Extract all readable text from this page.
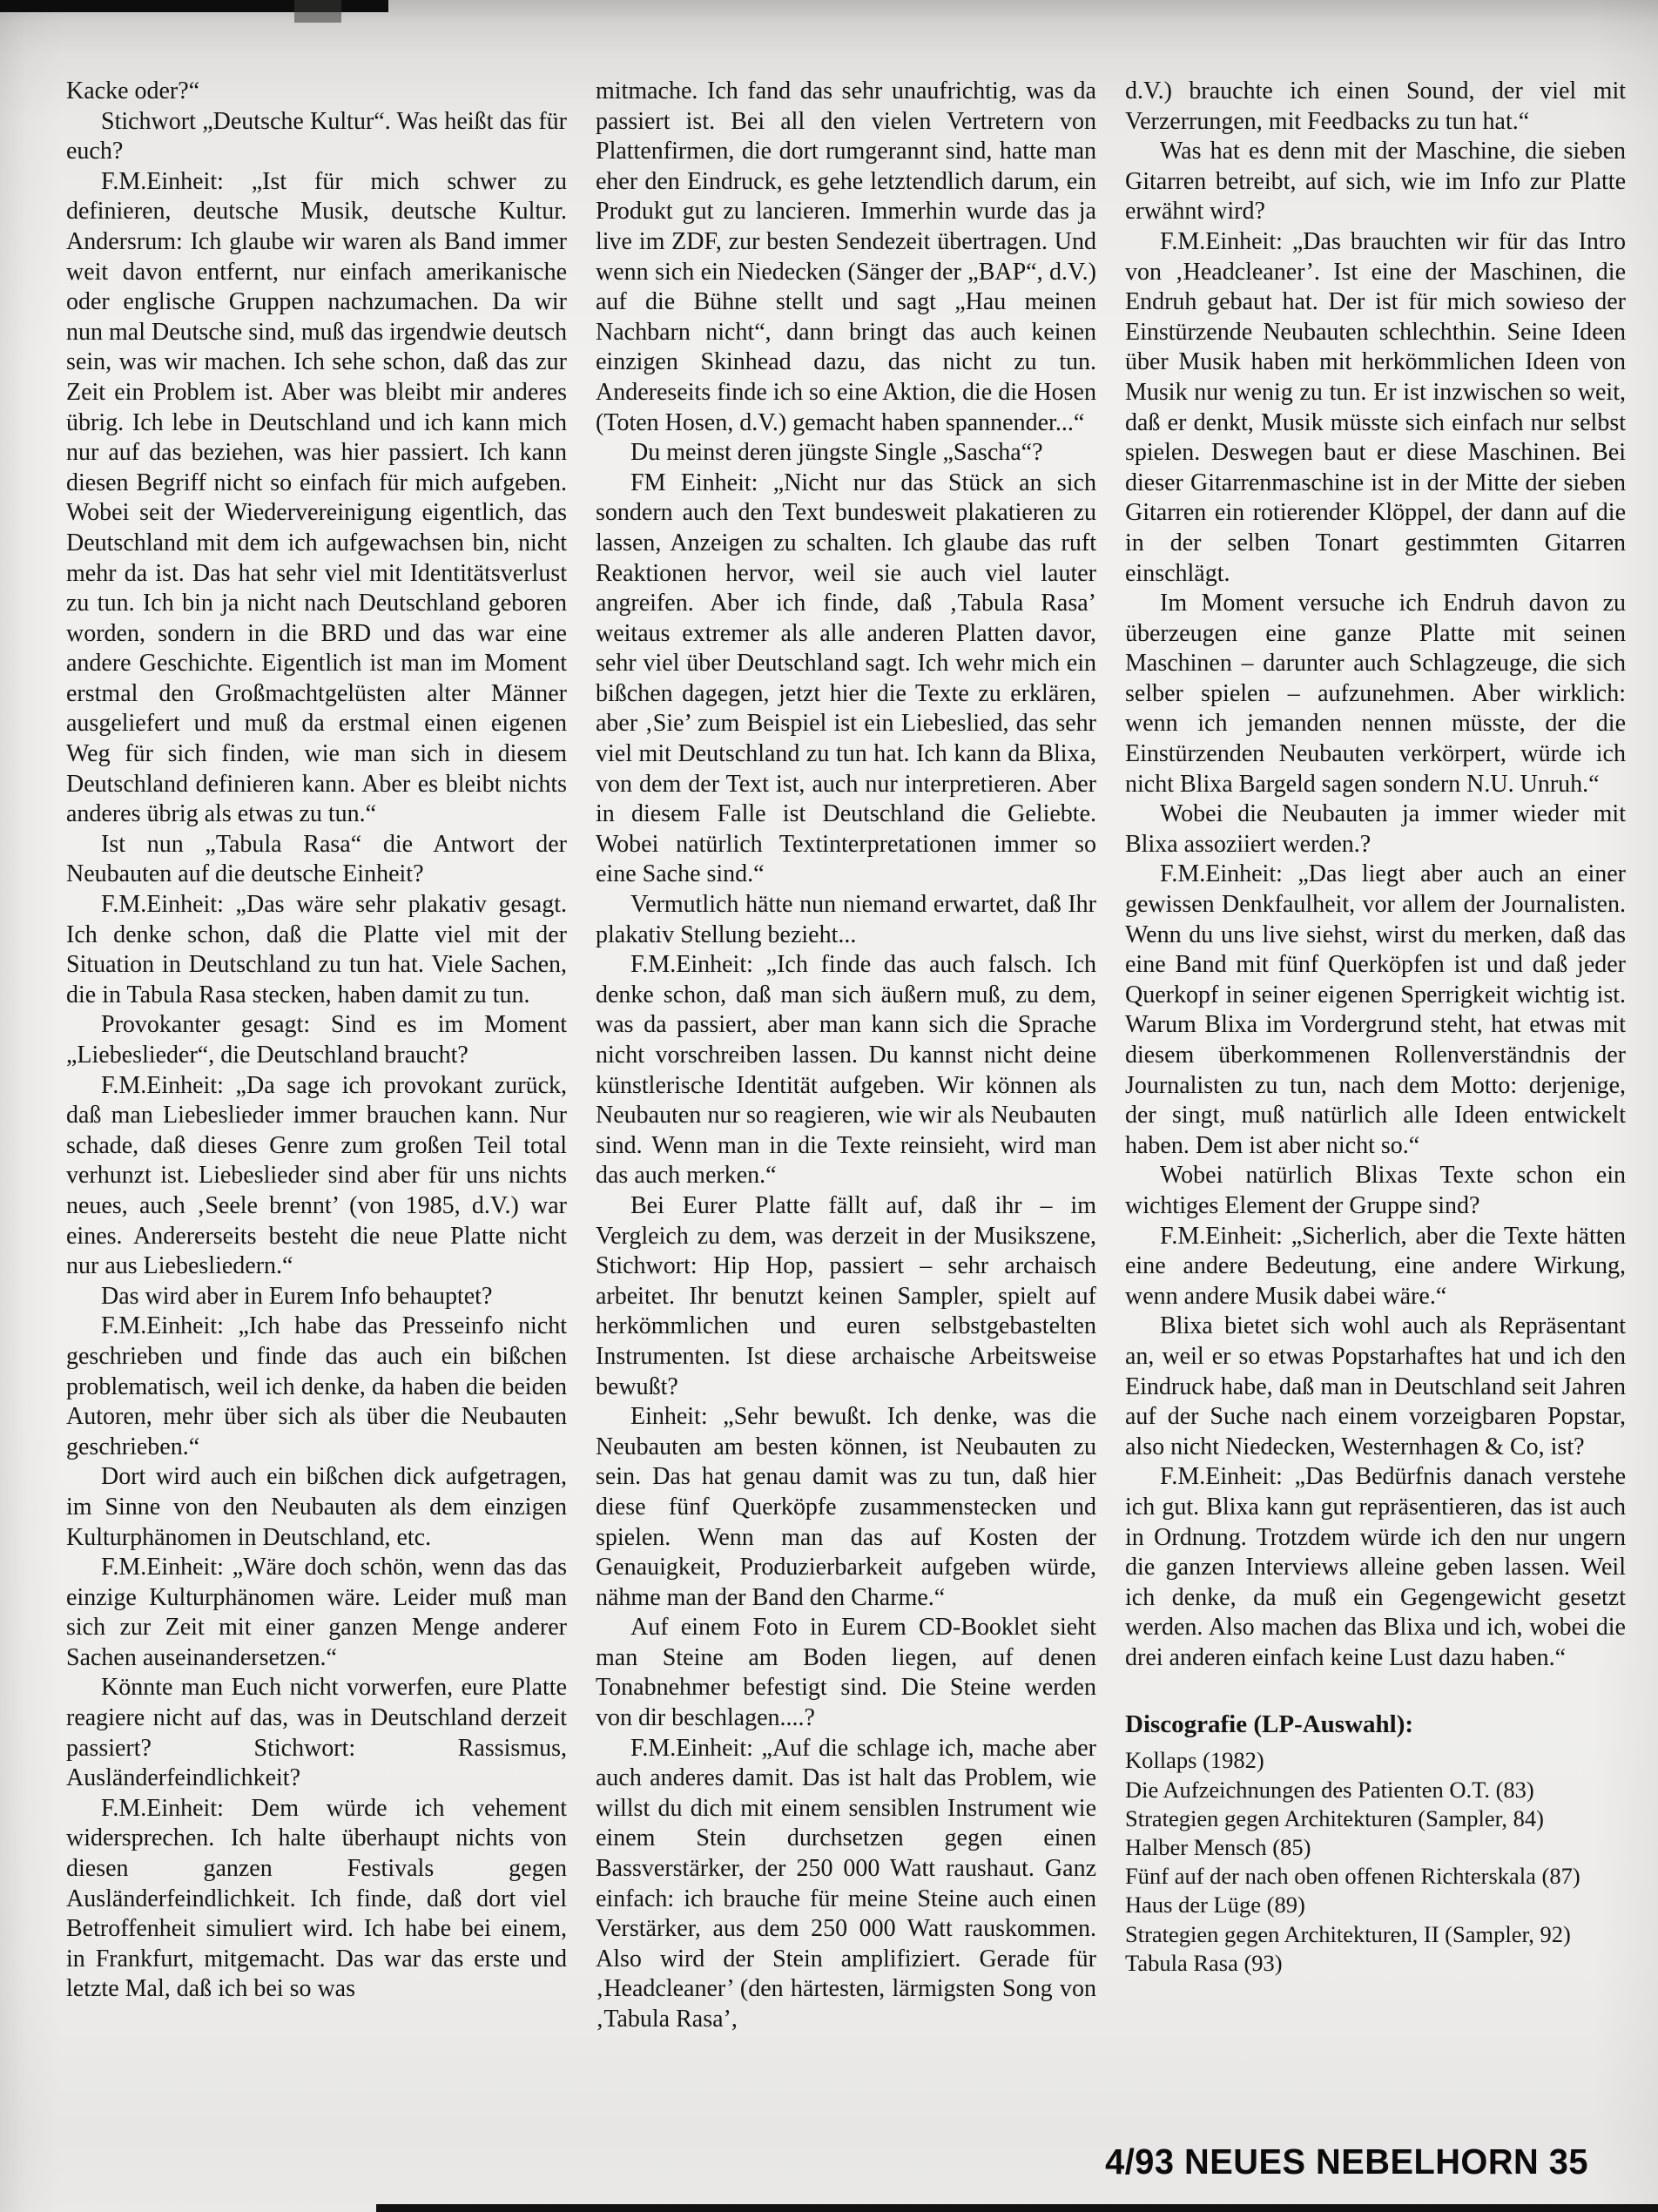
Kacke oder?“

Stichwort „Deutsche Kultur“. Was heißt das für euch?

F.M.Einheit: „Ist für mich schwer zu definieren, deutsche Musik, deutsche Kultur. Andersrum: Ich glaube wir waren als Band immer weit davon entfernt, nur einfach amerikanische oder englische Gruppen nachzumachen. Da wir nun mal Deutsche sind, muß das irgendwie deutsch sein, was wir machen. Ich sehe schon, daß das zur Zeit ein Problem ist. Aber was bleibt mir anderes übrig. Ich lebe in Deutschland und ich kann mich nur auf das beziehen, was hier passiert. Ich kann diesen Begriff nicht so einfach für mich aufgeben. Wobei seit der Wiedervereinigung eigentlich, das Deutschland mit dem ich aufgewachsen bin, nicht mehr da ist. Das hat sehr viel mit Identitätsverlust zu tun. Ich bin ja nicht nach Deutschland geboren worden, sondern in die BRD und das war eine andere Geschichte. Eigentlich ist man im Moment erstmal den Großmachtgelüsten alter Männer ausgeliefert und muß da erstmal einen eigenen Weg für sich finden, wie man sich in diesem Deutschland definieren kann. Aber es bleibt nichts anderes übrig als etwas zu tun.“

Ist nun „Tabula Rasa“ die Antwort der Neubauten auf die deutsche Einheit?

F.M.Einheit: „Das wäre sehr plakativ gesagt. Ich denke schon, daß die Platte viel mit der Situation in Deutschland zu tun hat. Viele Sachen, die in Tabula Rasa stecken, haben damit zu tun.

Provokanter gesagt: Sind es im Moment „Liebeslieder“, die Deutschland braucht?

F.M.Einheit: „Da sage ich provokant zurück, daß man Liebeslieder immer brauchen kann. Nur schade, daß dieses Genre zum großen Teil total verhunzt ist. Liebeslieder sind aber für uns nichts neues, auch ‚Seele brennt’ (von 1985, d.V.) war eines. Andererseits besteht die neue Platte nicht nur aus Liebesliedern.“

Das wird aber in Eurem Info behauptet?

F.M.Einheit: „Ich habe das Presseinfo nicht geschrieben und finde das auch ein bißchen problematisch, weil ich denke, da haben die beiden Autoren, mehr über sich als über die Neubauten geschrieben.“

Dort wird auch ein bißchen dick aufgetragen, im Sinne von den Neubauten als dem einzigen Kulturphänomen in Deutschland, etc.

F.M.Einheit: „Wäre doch schön, wenn das das einzige Kulturphänomen wäre. Leider muß man sich zur Zeit mit einer ganzen Menge anderer Sachen auseinandersetzen.“

Könnte man Euch nicht vorwerfen, eure Platte reagiere nicht auf das, was in Deutschland derzeit passiert? Stichwort: Rassismus, Ausländerfeindlichkeit?

F.M.Einheit: Dem würde ich vehement widersprechen. Ich halte überhaupt nichts von diesen ganzen Festivals gegen Ausländerfeindlichkeit. Ich finde, daß dort viel Betroffenheit simuliert wird. Ich habe bei einem, in Frankfurt, mitgemacht. Das war das erste und letzte Mal, daß ich bei so was

mitmache. Ich fand das sehr unaufrichtig, was da passiert ist. Bei all den vielen Vertretern von Plattenfirmen, die dort rumgerannt sind, hatte man eher den Eindruck, es gehe letztendlich darum, ein Produkt gut zu lancieren. Immerhin wurde das ja live im ZDF, zur besten Sendezeit übertragen. Und wenn sich ein Niedecken (Sänger der „BAP“, d.V.) auf die Bühne stellt und sagt „Hau meinen Nachbarn nicht“, dann bringt das auch keinen einzigen Skinhead dazu, das nicht zu tun. Andereseits finde ich so eine Aktion, die die Hosen (Toten Hosen, d.V.) gemacht haben spannender...“

Du meinst deren jüngste Single „Sascha“?

FM Einheit: „Nicht nur das Stück an sich sondern auch den Text bundesweit plakatieren zu lassen, Anzeigen zu schalten. Ich glaube das ruft Reaktionen hervor, weil sie auch viel lauter angreifen. Aber ich finde, daß ‚Tabula Rasa’ weitaus extremer als alle anderen Platten davor, sehr viel über Deutschland sagt. Ich wehr mich ein bißchen dagegen, jetzt hier die Texte zu erklären, aber ‚Sie’ zum Beispiel ist ein Liebeslied, das sehr viel mit Deutschland zu tun hat. Ich kann da Blixa, von dem der Text ist, auch nur interpretieren. Aber in diesem Falle ist Deutschland die Geliebte. Wobei natürlich Textinterpretationen immer so eine Sache sind.“

Vermutlich hätte nun niemand erwartet, daß Ihr plakativ Stellung bezieht...

F.M.Einheit: „Ich finde das auch falsch. Ich denke schon, daß man sich äußern muß, zu dem, was da passiert, aber man kann sich die Sprache nicht vorschreiben lassen. Du kannst nicht deine künstlerische Identität aufgeben. Wir können als Neubauten nur so reagieren, wie wir als Neubauten sind. Wenn man in die Texte reinsieht, wird man das auch merken.“

Bei Eurer Platte fällt auf, daß ihr – im Vergleich zu dem, was derzeit in der Musikszene, Stichwort: Hip Hop, passiert – sehr archaisch arbeitet. Ihr benutzt keinen Sampler, spielt auf herkömmlichen und euren selbstgebastelten Instrumenten. Ist diese archaische Arbeitsweise bewußt?

Einheit: „Sehr bewußt. Ich denke, was die Neubauten am besten können, ist Neubauten zu sein. Das hat genau damit was zu tun, daß hier diese fünf Querköpfe zusammenstecken und spielen. Wenn man das auf Kosten der Genauigkeit, Produzierbarkeit aufgeben würde, nähme man der Band den Charme.“

Auf einem Foto in Eurem CD-Booklet sieht man Steine am Boden liegen, auf denen Tonabnehmer befestigt sind. Die Steine werden von dir beschlagen....?

F.M.Einheit: „Auf die schlage ich, mache aber auch anderes damit. Das ist halt das Problem, wie willst du dich mit einem sensiblen Instrument wie einem Stein durchsetzen gegen einen Bassverstärker, der 250 000 Watt raushaut. Ganz einfach: ich brauche für meine Steine auch einen Verstärker, aus dem 250 000 Watt rauskommen. Also wird der Stein amplifiziert. Gerade für ‚Headcleaner’ (den härtesten, lärmigsten Song von ‚Tabula Rasa’,

d.V.) brauchte ich einen Sound, der viel mit Verzerrungen, mit Feedbacks zu tun hat.“

Was hat es denn mit der Maschine, die sieben Gitarren betreibt, auf sich, wie im Info zur Platte erwähnt wird?

F.M.Einheit: „Das brauchten wir für das Intro von ‚Headcleaner’. Ist eine der Maschinen, die Endruh gebaut hat. Der ist für mich sowieso der Einstürzende Neubauten schlechthin. Seine Ideen über Musik haben mit herkömmlichen Ideen von Musik nur wenig zu tun. Er ist inzwischen so weit, daß er denkt, Musik müsste sich einfach nur selbst spielen. Deswegen baut er diese Maschinen. Bei dieser Gitarrenmaschine ist in der Mitte der sieben Gitarren ein rotierender Klöppel, der dann auf die in der selben Tonart gestimmten Gitarren einschlägt.

Im Moment versuche ich Endruh davon zu überzeugen eine ganze Platte mit seinen Maschinen – darunter auch Schlagzeuge, die sich selber spielen – aufzunehmen. Aber wirklich: wenn ich jemanden nennen müsste, der die Einstürzenden Neubauten verkörpert, würde ich nicht Blixa Bargeld sagen sondern N.U. Unruh.“

Wobei die Neubauten ja immer wieder mit Blixa assoziiert werden.?

F.M.Einheit: „Das liegt aber auch an einer gewissen Denkfaulheit, vor allem der Journalisten. Wenn du uns live siehst, wirst du merken, daß das eine Band mit fünf Querköpfen ist und daß jeder Querkopf in seiner eigenen Sperrigkeit wichtig ist. Warum Blixa im Vordergrund steht, hat etwas mit diesem überkommenen Rollenverständnis der Journalisten zu tun, nach dem Motto: derjenige, der singt, muß natürlich alle Ideen entwickelt haben. Dem ist aber nicht so.“

Wobei natürlich Blixas Texte schon ein wichtiges Element der Gruppe sind?

F.M.Einheit: „Sicherlich, aber die Texte hätten eine andere Bedeutung, eine andere Wirkung, wenn andere Musik dabei wäre.“

Blixa bietet sich wohl auch als Repräsentant an, weil er so etwas Popstarhaftes hat und ich den Eindruck habe, daß man in Deutschland seit Jahren auf der Suche nach einem vorzeigbaren Popstar, also nicht Niedecken, Westernhagen & Co, ist?

F.M.Einheit: „Das Bedürfnis danach verstehe ich gut. Blixa kann gut repräsentieren, das ist auch in Ordnung. Trotzdem würde ich den nur ungern die ganzen Interviews alleine geben lassen. Weil ich denke, da muß ein Gegengewicht gesetzt werden. Also machen das Blixa und ich, wobei die drei anderen einfach keine Lust dazu haben.“

Discografie (LP-Auswahl):

Kollaps (1982)
Die Aufzeichnungen des Patienten O.T. (83)
Strategien gegen Architekturen (Sampler, 84)
Halber Mensch (85)
Fünf auf der nach oben offenen Richterskala (87)
Haus der Lüge (89)
Strategien gegen Architekturen, II (Sampler, 92)
Tabula Rasa (93)
4/93 NEUES NEBELHORN 35
